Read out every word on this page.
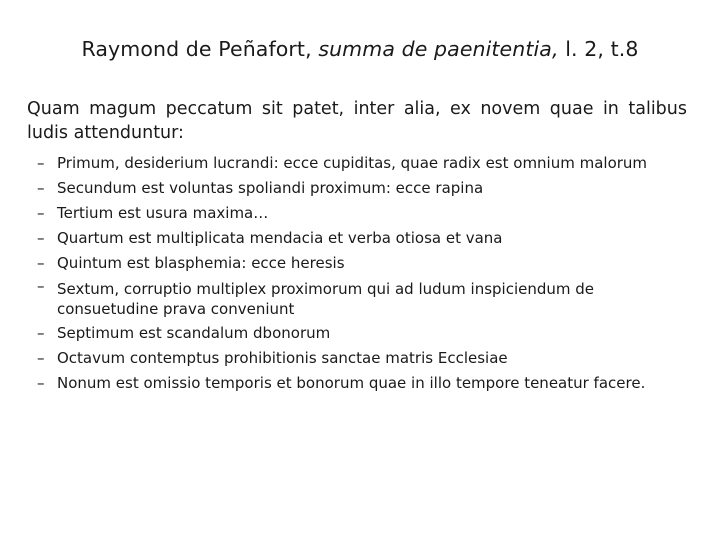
Raymond de Peñafort, summa de paenitentia, l. 2, t.8
Quam magum peccatum sit patet, inter alia, ex novem quae in talibus ludis attenduntur:
– Primum, desiderium lucrandi: ecce cupiditas, quae radix est omnium malorum
– Secundum est voluntas spoliandi proximum: ecce rapina
– Tertium est usura maxima…
– Quartum est multiplicata mendacia et verba otiosa et vana
– Quintum est blasphemia: ecce heresis
– Sextum, corruptio multiplex proximorum qui ad ludum inspiciendum de consuetudine prava conveniunt
– Septimum est scandalum dbonorum
– Octavum contemptus prohibitionis sanctae matris Ecclesiae
– Nonum est omissio temporis et bonorum quae in illo tempore teneatur facere.
